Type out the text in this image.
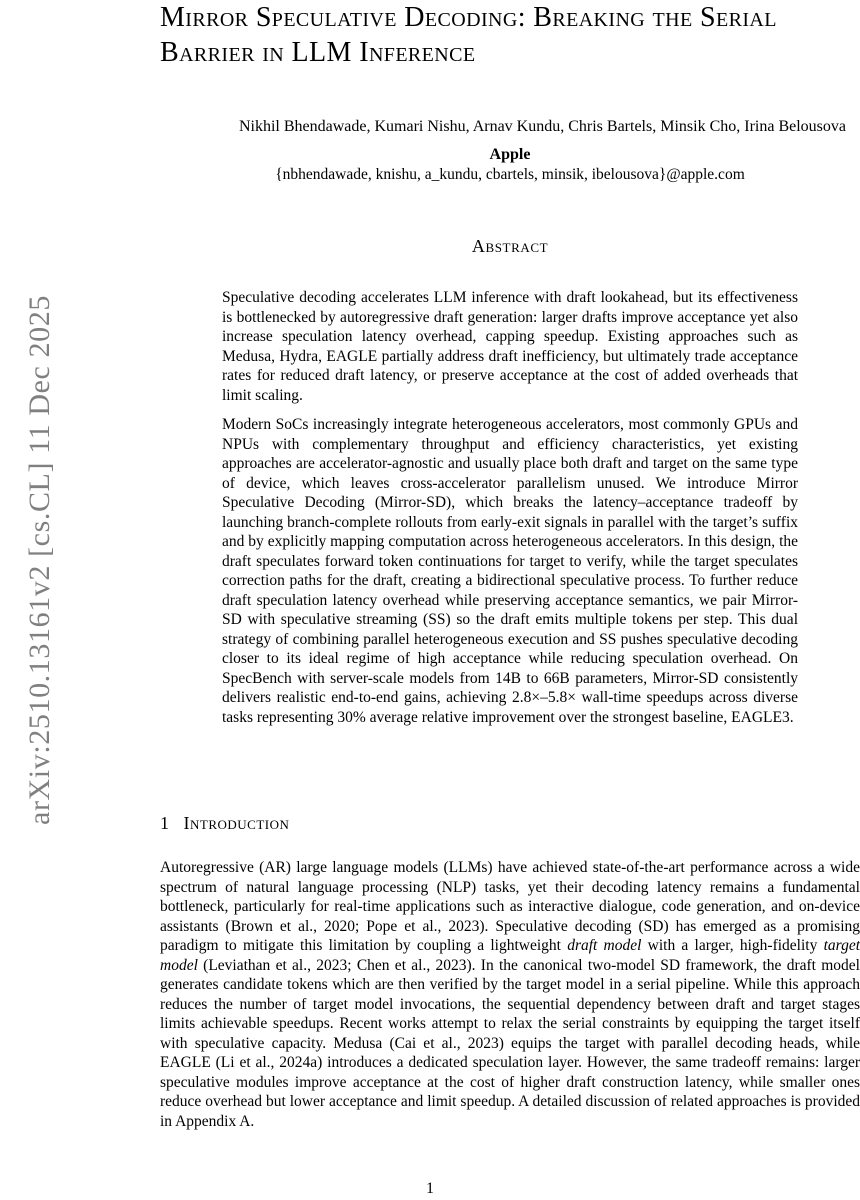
Mirror Speculative Decoding: Breaking the Serial Barrier in LLM Inference
Nikhil Bhendawade, Kumari Nishu, Arnav Kundu, Chris Bartels, Minsik Cho, Irina Belousova
Apple
{nbhendawade, knishu, a_kundu, cbartels, minsik, ibelousova}@apple.com
arXiv:2510.13161v2 [cs.CL] 11 Dec 2025
Abstract

Speculative decoding accelerates LLM inference with draft lookahead, but its effectiveness is bottlenecked by autoregressive draft generation: larger drafts improve acceptance yet also increase speculation latency overhead, capping speedup. Existing approaches such as Medusa, Hydra, EAGLE partially address draft inefficiency, but ultimately trade acceptance rates for reduced draft latency, or preserve acceptance at the cost of added overheads that limit scaling.

Modern SoCs increasingly integrate heterogeneous accelerators, most commonly GPUs and NPUs with complementary throughput and efficiency characteristics, yet existing approaches are accelerator-agnostic and usually place both draft and target on the same type of device, which leaves cross-accelerator parallelism unused. We introduce Mirror Speculative Decoding (Mirror-SD), which breaks the latency–acceptance tradeoff by launching branch-complete rollouts from early-exit signals in parallel with the target’s suffix and by explicitly mapping computation across heterogeneous accelerators. In this design, the draft speculates forward token continuations for target to verify, while the target speculates correction paths for the draft, creating a bidirectional speculative process. To further reduce draft speculation latency overhead while preserving acceptance semantics, we pair Mirror-SD with speculative streaming (SS) so the draft emits multiple tokens per step. This dual strategy of combining parallel heterogeneous execution and SS pushes speculative decoding closer to its ideal regime of high acceptance while reducing speculation overhead. On SpecBench with server-scale models from 14B to 66B parameters, Mirror-SD consistently delivers realistic end-to-end gains, achieving 2.8×–5.8× wall-time speedups across diverse tasks representing 30% average relative improvement over the strongest baseline, EAGLE3.

1 Introduction

Autoregressive (AR) large language models (LLMs) have achieved state-of-the-art performance across a wide spectrum of natural language processing (NLP) tasks, yet their decoding latency remains a fundamental bottleneck, particularly for real-time applications such as interactive dialogue, code generation, and on-device assistants (Brown et al., 2020; Pope et al., 2023). Speculative decoding (SD) has emerged as a promising paradigm to mitigate this limitation by coupling a lightweight draft model with a larger, high-fidelity target model (Leviathan et al., 2023; Chen et al., 2023). In the canonical two-model SD framework, the draft model generates candidate tokens which are then verified by the target model in a serial pipeline. While this approach reduces the number of target model invocations, the sequential dependency between draft and target stages limits achievable speedups. Recent works attempt to relax the serial constraints by equipping the target itself with speculative capacity. Medusa (Cai et al., 2023) equips the target with parallel decoding heads, while EAGLE (Li et al., 2024a) introduces a dedicated speculation layer. However, the same tradeoff remains: larger speculative modules improve acceptance at the cost of higher draft construction latency, while smaller ones reduce overhead but lower acceptance and limit speedup. A detailed discussion of related approaches is provided in Appendix A.

1
